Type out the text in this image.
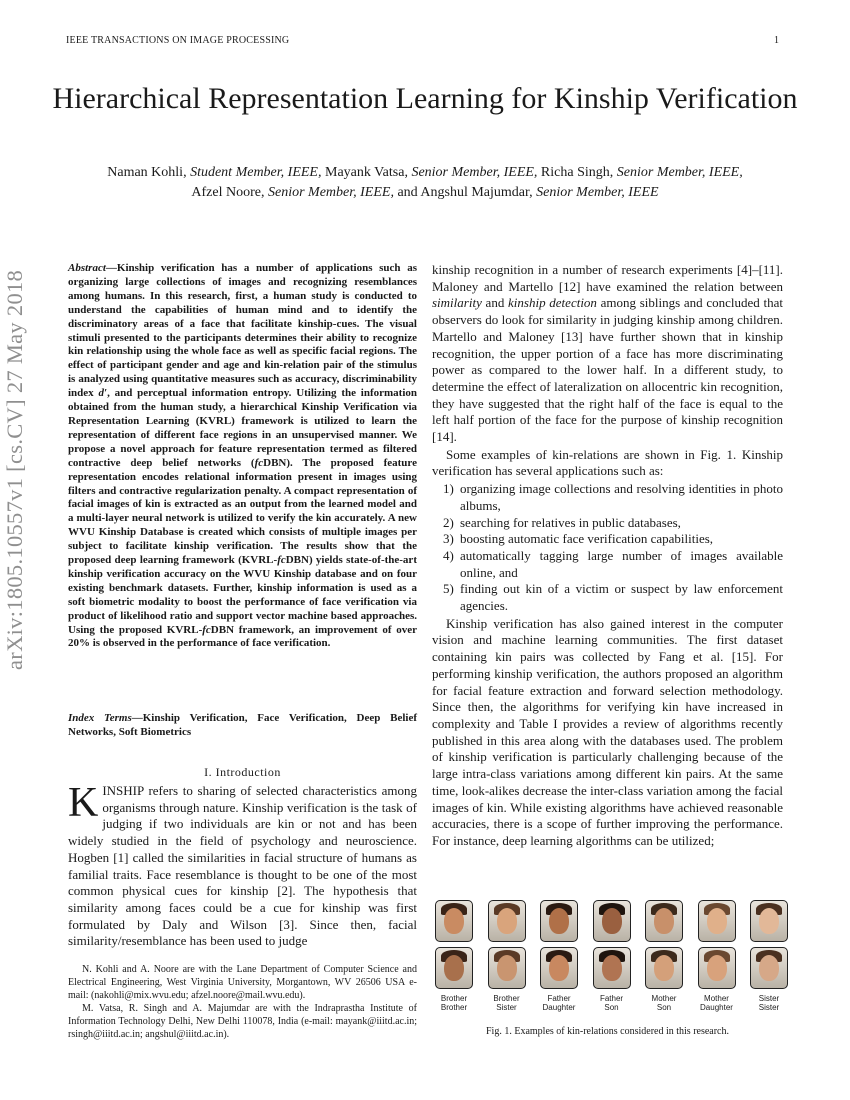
IEEE TRANSACTIONS ON IMAGE PROCESSING	1
Hierarchical Representation Learning for Kinship Verification
Naman Kohli, Student Member, IEEE, Mayank Vatsa, Senior Member, IEEE, Richa Singh, Senior Member, IEEE,
Afzel Noore, Senior Member, IEEE, and Angshul Majumdar, Senior Member, IEEE
arXiv:1805.10557v1 [cs.CV] 27 May 2018
Abstract—Kinship verification has a number of applications such as organizing large collections of images and recognizing resemblances among humans. In this research, first, a human study is conducted to understand the capabilities of human mind and to identify the discriminatory areas of a face that facilitate kinship-cues. The visual stimuli presented to the participants determines their ability to recognize kin relationship using the whole face as well as specific facial regions. The effect of participant gender and age and kin-relation pair of the stimulus is analyzed using quantitative measures such as accuracy, discriminability index d′, and perceptual information entropy. Utilizing the information obtained from the human study, a hierarchical Kinship Verification via Representation Learning (KVRL) framework is utilized to learn the representation of different face regions in an unsupervised manner. We propose a novel approach for feature representation termed as filtered contractive deep belief networks (fcDBN). The proposed feature representation encodes relational information present in images using filters and contractive regularization penalty. A compact representation of facial images of kin is extracted as an output from the learned model and a multi-layer neural network is utilized to verify the kin accurately. A new WVU Kinship Database is created which consists of multiple images per subject to facilitate kinship verification. The results show that the proposed deep learning framework (KVRL-fcDBN) yields state-of-the-art kinship verification accuracy on the WVU Kinship database and on four existing benchmark datasets. Further, kinship information is used as a soft biometric modality to boost the performance of face verification via product of likelihood ratio and support vector machine based approaches. Using the proposed KVRL-fcDBN framework, an improvement of over 20% is observed in the performance of face verification.
Index Terms—Kinship Verification, Face Verification, Deep Belief Networks, Soft Biometrics
I. Introduction
KINSHIP refers to sharing of selected characteristics among organisms through nature. Kinship verification is the task of judging if two individuals are kin or not and has been widely studied in the field of psychology and neuroscience. Hogben [1] called the similarities in facial structure of humans as familial traits. Face resemblance is thought to be one of the most common physical cues for kinship [2]. The hypothesis that similarity among faces could be a cue for kinship was first formulated by Daly and Wilson [3]. Since then, facial similarity/resemblance has been used to judge

N. Kohli and A. Noore are with the Lane Department of Computer Science and Electrical Engineering, West Virginia University, Morgantown, WV 26506 USA e-mail: (nakohli@mix.wvu.edu; afzel.noore@mail.wvu.edu).

M. Vatsa, R. Singh and A. Majumdar are with the Indraprastha Institute of Information Technology Delhi, New Delhi 110078, India (e-mail: mayank@iiitd.ac.in; rsingh@iiitd.ac.in; angshul@iiitd.ac.in).

kinship recognition in a number of research experiments [4]–[11]. Maloney and Martello [12] have examined the relation between similarity and kinship detection among siblings and concluded that observers do look for similarity in judging kinship among children. Martello and Maloney [13] have further shown that in kinship recognition, the upper portion of a face has more discriminating power as compared to the lower half. In a different study, to determine the effect of lateralization on allocentric kin recognition, they have suggested that the right half of the face is equal to the left half portion of the face for the purpose of kinship recognition [14].

Some examples of kin-relations are shown in Fig. 1. Kinship verification has several applications such as:

1) organizing image collections and resolving identities in photo albums,
2) searching for relatives in public databases,
3) boosting automatic face verification capabilities,
4) automatically tagging large number of images available online, and
5) finding out kin of a victim or suspect by law enforcement agencies.

Kinship verification has also gained interest in the computer vision and machine learning communities. The first dataset containing kin pairs was collected by Fang et al. [15]. For performing kinship verification, the authors proposed an algorithm for facial feature extraction and forward selection methodology. Since then, the algorithms for verifying kin have increased in complexity and Table I provides a review of algorithms recently published in this area along with the databases used. The problem of kinship verification is particularly challenging because of the large intra-class variations among different kin pairs. At the same time, look-alikes decrease the inter-class variation among the facial images of kin. While existing algorithms have achieved reasonable accuracies, there is a scope of further improving the performance. For instance, deep learning algorithms can be utilized;

Brother
Brother
Brother
Sister
Father
Daughter
Father
Son
Mother
Son
Mother
Daughter
Sister
Sister
Fig. 1. Examples of kin-relations considered in this research.
